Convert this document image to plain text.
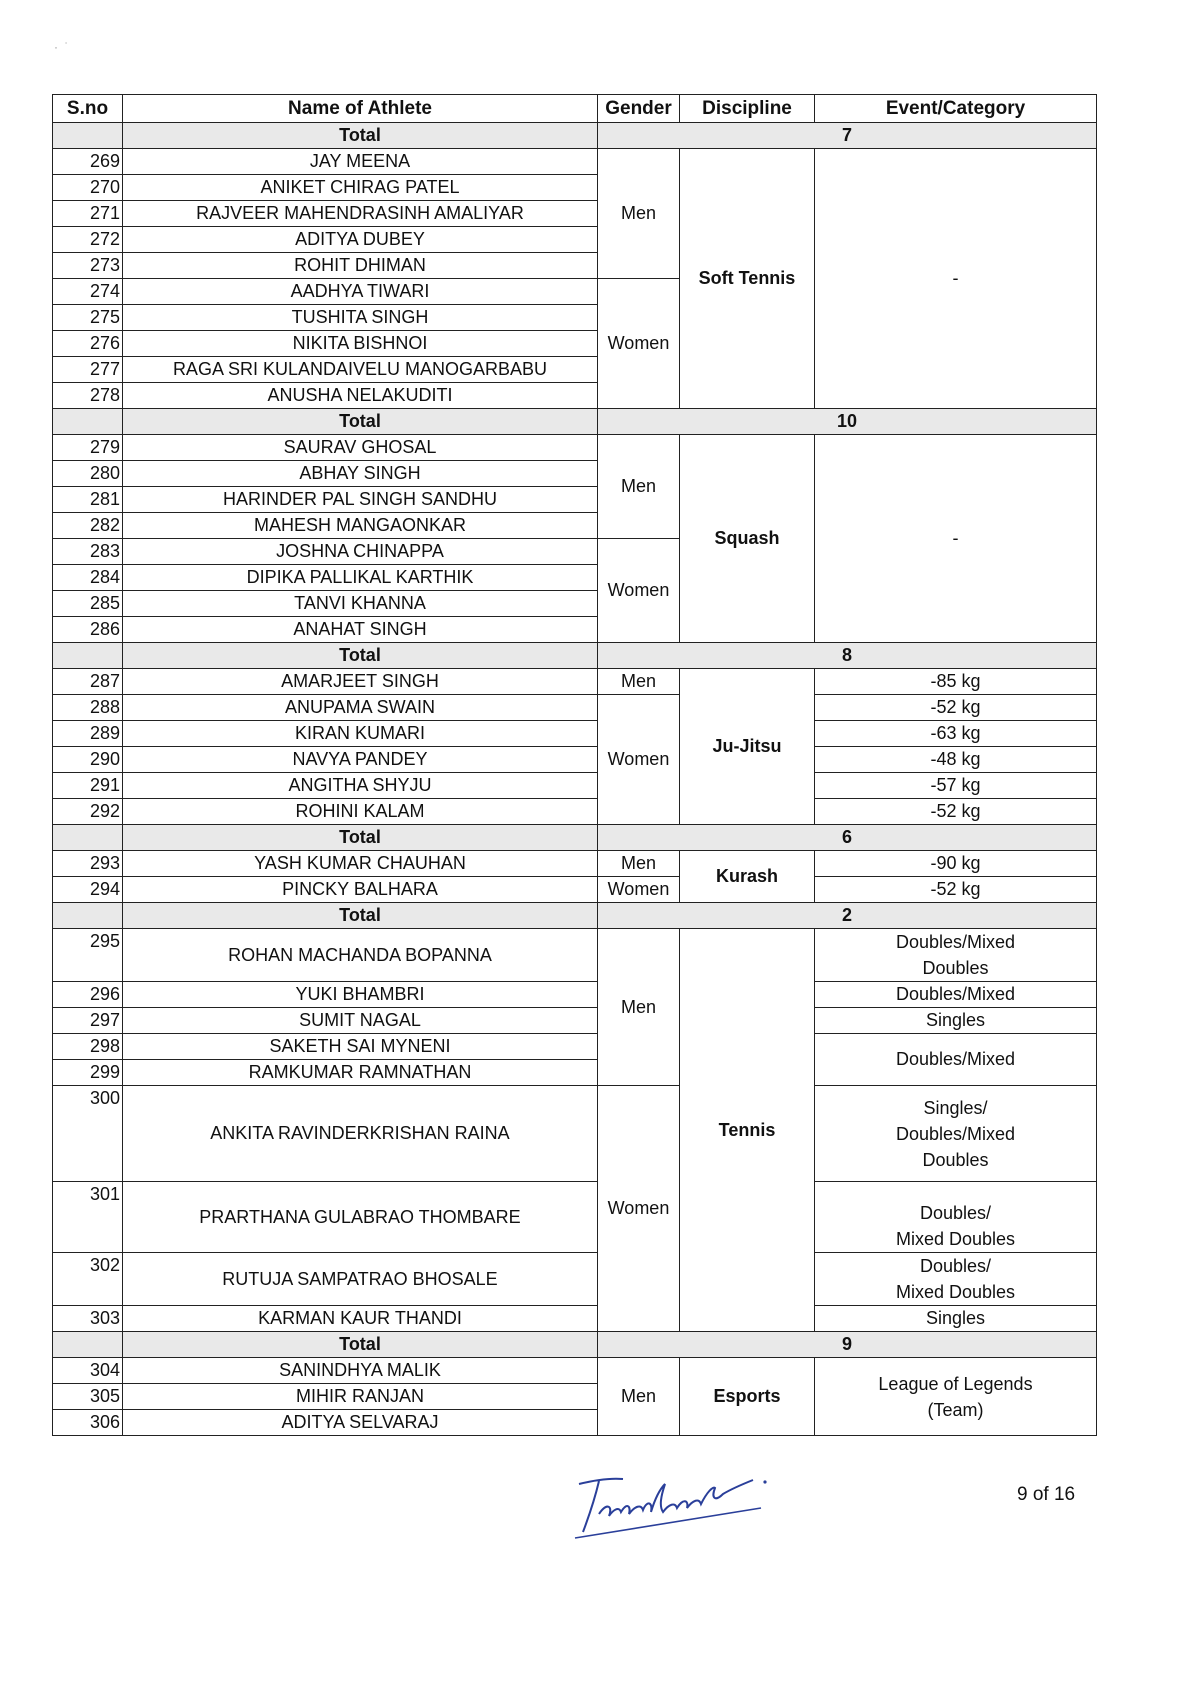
·  ˙
S.no	Name of Athlete	Gender	Discipline	Event/Category
	Total	7		
269	JAY MEENA	Men	Soft Tennis	-
270	ANIKET CHIRAG PATEL			
271	RAJVEER MAHENDRASINH AMALIYAR			
272	ADITYA DUBEY			
273	ROHIT DHIMAN			
274	AADHYA TIWARI	Women		
275	TUSHITA SINGH			
276	NIKITA BISHNOI			
277	RAGA SRI KULANDAIVELU MANOGARBABU			
278	ANUSHA NELAKUDITI			
	Total	10		
279	SAURAV GHOSAL	Men	Squash	-
280	ABHAY SINGH			
281	HARINDER PAL SINGH SANDHU			
282	MAHESH MANGAONKAR			
283	JOSHNA CHINAPPA	Women		
284	DIPIKA PALLIKAL KARTHIK			
285	TANVI KHANNA			
286	ANAHAT SINGH			
	Total	8		
287	AMARJEET SINGH	Men	Ju-Jitsu	-85 kg
288	ANUPAMA SWAIN	Women		-52 kg
289	KIRAN KUMARI			-63 kg
290	NAVYA PANDEY			-48 kg
291	ANGITHA SHYJU			-57 kg
292	ROHINI KALAM			-52 kg
	Total	6		
293	YASH KUMAR CHAUHAN	Men	Kurash	-90 kg
294	PINCKY BALHARA	Women		-52 kg
	Total	2		
295	ROHAN MACHANDA BOPANNA	Men	Tennis	Doubles/Mixed
Doubles
296	YUKI BHAMBRI			Doubles/Mixed
297	SUMIT NAGAL			Singles
298	SAKETH SAI MYNENI			Doubles/Mixed
299	RAMKUMAR RAMNATHAN			
300	ANKITA RAVINDERKRISHAN RAINA	Women		Singles/
Doubles/Mixed
Doubles
301	PRARTHANA GULABRAO THOMBARE			Doubles/
Mixed Doubles
302	RUTUJA SAMPATRAO BHOSALE			Doubles/
Mixed Doubles
303	KARMAN KAUR THANDI			Singles
	Total	9		
304	SANINDHYA MALIK	Men	Esports	League of Legends
(Team)
305	MIHIR RANJAN			
306	ADITYA SELVARAJ			
9 of 16
